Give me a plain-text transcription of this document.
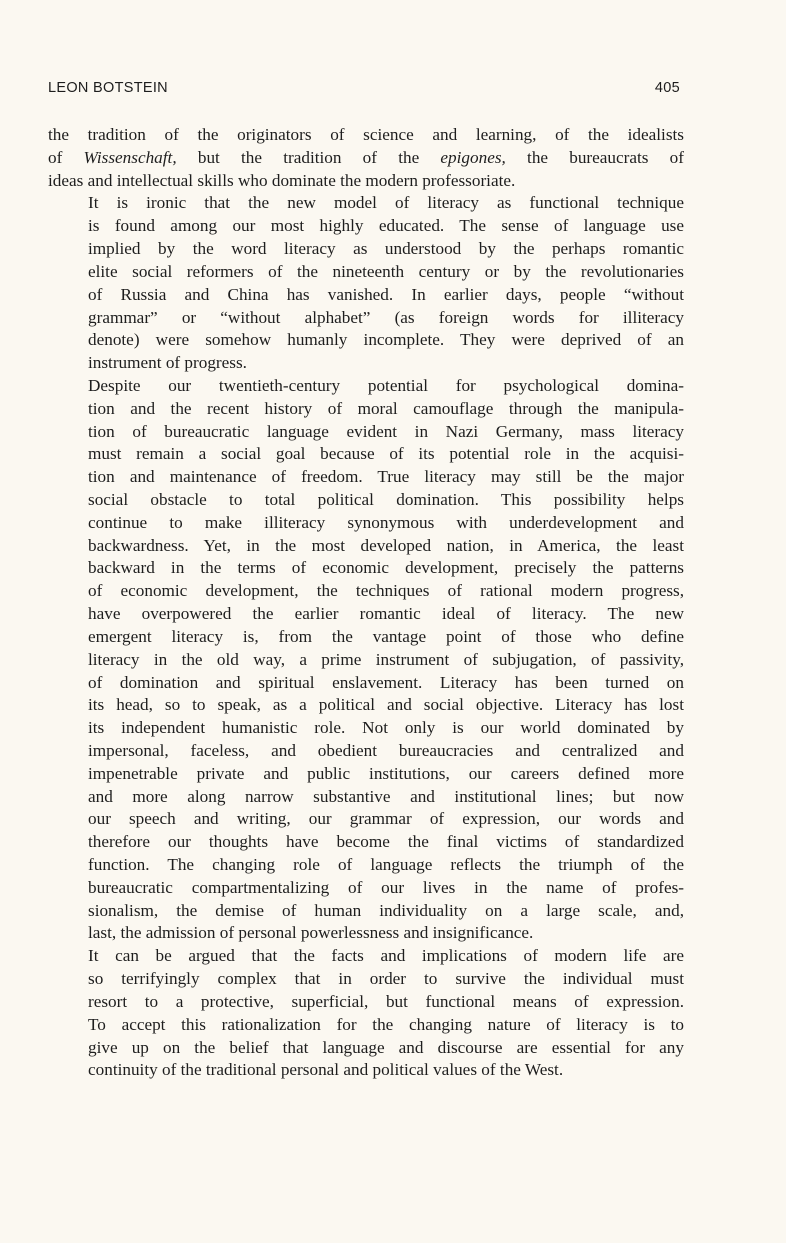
LEON BOTSTEIN	405
the tradition of the originators of science and learning, of the idealists
of Wissenschaft, but the tradition of the epigones, the bureaucrats of
ideas and intellectual skills who dominate the modern professoriate.
It is ironic that the new model of literacy as functional technique
is found among our most highly educated. The sense of language use
implied by the word literacy as understood by the perhaps romantic
elite social reformers of the nineteenth century or by the revolutionaries
of Russia and China has vanished. In earlier days, people “without
grammar” or “without alphabet” (as foreign words for illiteracy
denote) were somehow humanly incomplete. They were deprived of an
instrument of progress.
Despite our twentieth-century potential for psychological domina-
tion and the recent history of moral camouflage through the manipula-
tion of bureaucratic language evident in Nazi Germany, mass literacy
must remain a social goal because of its potential role in the acquisi-
tion and maintenance of freedom. True literacy may still be the major
social obstacle to total political domination. This possibility helps
continue to make illiteracy synonymous with underdevelopment and
backwardness. Yet, in the most developed nation, in America, the least
backward in the terms of economic development, precisely the patterns
of economic development, the techniques of rational modern progress,
have overpowered the earlier romantic ideal of literacy. The new
emergent literacy is, from the vantage point of those who define
literacy in the old way, a prime instrument of subjugation, of passivity,
of domination and spiritual enslavement. Literacy has been turned on
its head, so to speak, as a political and social objective. Literacy has lost
its independent humanistic role. Not only is our world dominated by
impersonal, faceless, and obedient bureaucracies and centralized and
impenetrable private and public institutions, our careers defined more
and more along narrow substantive and institutional lines; but now
our speech and writing, our grammar of expression, our words and
therefore our thoughts have become the final victims of standardized
function. The changing role of language reflects the triumph of the
bureaucratic compartmentalizing of our lives in the name of profes-
sionalism, the demise of human individuality on a large scale, and,
last, the admission of personal powerlessness and insignificance.
It can be argued that the facts and implications of modern life are
so terrifyingly complex that in order to survive the individual must
resort to a protective, superficial, but functional means of expression.
To accept this rationalization for the changing nature of literacy is to
give up on the belief that language and discourse are essential for any
continuity of the traditional personal and political values of the West.
